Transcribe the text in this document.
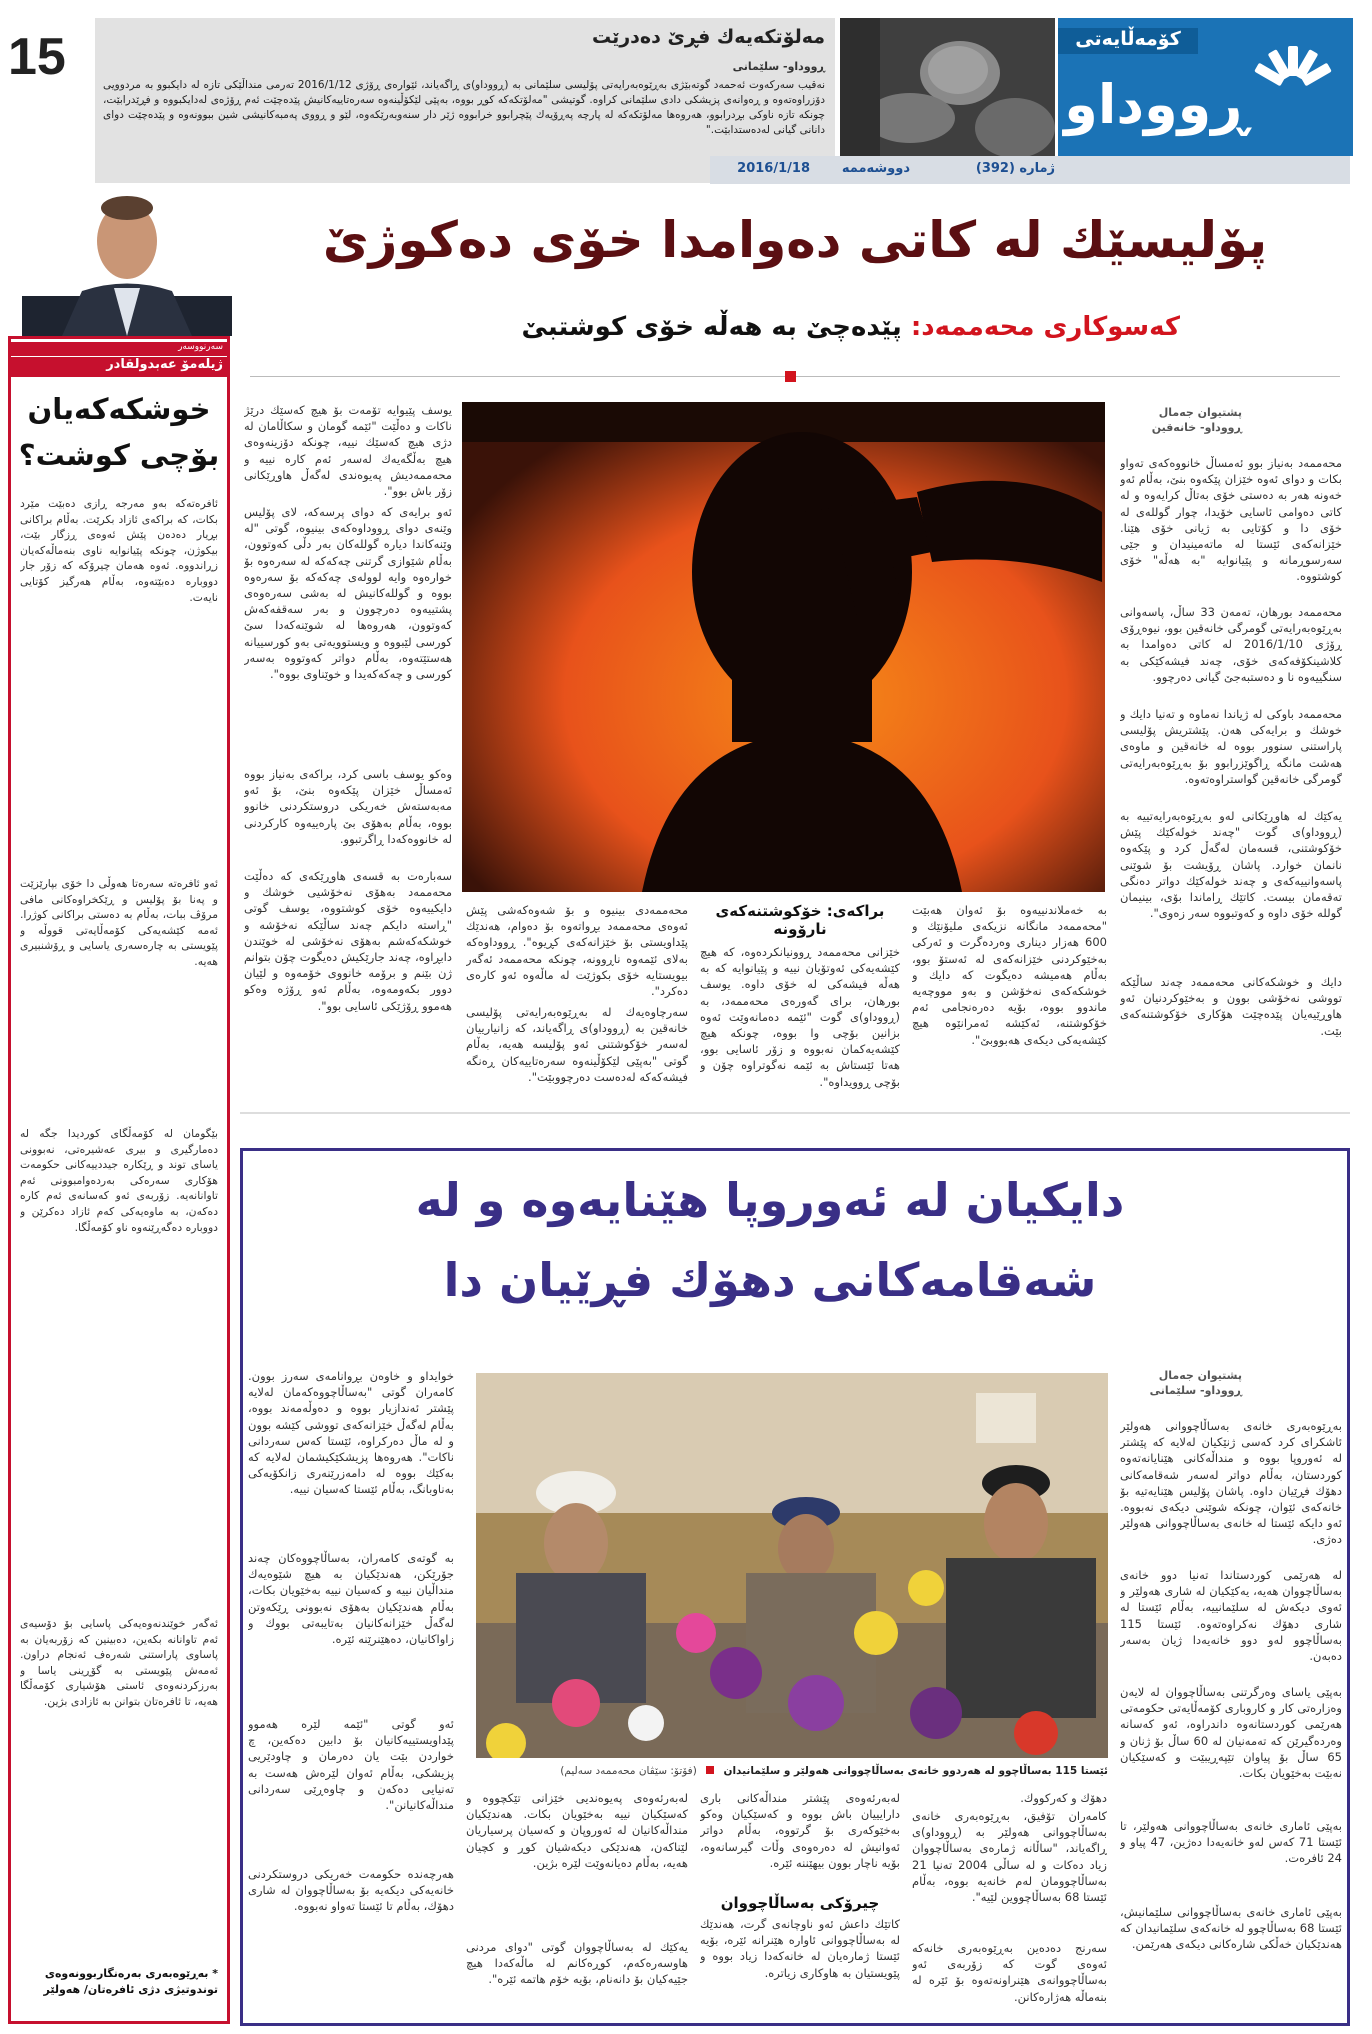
15	مەلۆتكەیەك فڕێ دەدرێت
ڕووداو- سلێمانی
نەقیب سەركەوت ئەحمەد گوتەبێژی بەڕێوەبەرایەتی پۆلیسی سلێمانی بە (ڕووداو)ی ڕاگەیاند، ئێوارەی ڕۆژی 2016/1/12 تەرمی منداڵێكی تازە لە دایكبوو بە مردوویی دۆزراوەتەوە و ڕەوانەی پزیشكی دادی سلێمانی كراوە. گوتیشی "مەلۆتكەكە كوڕ بووە، بەپێی لێكۆڵینەوە سەرەتاییەكانیش پێدەچێت ئەم ڕۆژەی لەدایكبووە و فڕێدرابێت، چونكە تازە ناوكی بڕدرابوو، هەروەها مەلۆتكەكە لە پارچە پەڕۆیەك پێچرابوو خرابووە ژێر دار سنەوبەرێكەوە، لێو و ڕووی پەمبەكانیشی شین ببوونەوە و پێدەچێت دوای دانانی گیانی لەدەستدابێت."
ژمارە (392)
دووشەممە
2016/1/18
كۆمەڵایەتی
ڕووداو
سەرنووسەر
ژیلەمۆ عەبدولقادر
خوشكەكەیان بۆچی كوشت؟
ئافرەتەكە بەو مەرجە ڕازی دەبێت مێرد بكات، كە براكەی ئازاد بكرێت. بەڵام براكانی بڕیار دەدەن پێش ئەوەی ڕزگار بێت، بیكوژن، چونكە پێیانوایە ناوی بنەماڵەكەیان زڕاندووە. ئەوە هەمان چیرۆكە كە زۆر جار دووبارە دەبێتەوە، بەڵام هەرگیز كۆتایی نایەت.
ئەو ئافرەتە سەرەتا هەوڵی دا خۆی بپارێزێت و پەنا بۆ پۆلیس و ڕێكخراوەكانی مافی مرۆڤ ببات، بەڵام بە دەستی براكانی كوژرا. ئەمە كێشەیەكی كۆمەڵایەتی قووڵە و پێویستی بە چارەسەری یاسایی و ڕۆشنبیری هەیە.
بێگومان لە كۆمەڵگای كوردیدا جگە لە دەمارگیری و بیری عەشیرەتی، نەبوونی یاسای توند و ڕێكارە جیددییەكانی حكومەت هۆكاری سەرەكی بەردەوامبوونی ئەم تاوانانەیە. زۆربەی ئەو كەسانەی ئەم كارە دەكەن، بە ماوەیەكی كەم ئازاد دەكرێن و دووبارە دەگەڕێنەوە ناو كۆمەڵگا.
ئەگەر خوێندنەوەیەكی پاسایی بۆ دۆسیەی ئەم تاوانانە بكەین، دەبینین كە زۆربەیان بە پاساوی پاراستنی شەرەف ئەنجام دراون. ئەمەش پێویستی بە گۆڕینی یاسا و بەرزكردنەوەی ئاستی هۆشیاری كۆمەڵگا هەیە، تا ئافرەتان بتوانن بە ئازادی بژین.
* بەڕێوەبەری بەرەنگاربوونەوەی توندوتیژی دژی ئافرەتان/ هەولێر
پۆلیسێك لە كاتی دەوامدا خۆی دەكوژێ
كەسوكاری محەممەد: پێدەچێ بە هەڵە خۆی كوشتبێ
پشتیوان جەمال
ڕووداو- خانەقین
محەممەد بەنیاز بوو ئەمساڵ خانووەكەی تەواو بكات و دوای ئەوە خێزان پێكەوە بنێ، بەڵام ئەو خەونە هەر بە دەستی خۆی بەتاڵ كرایەوە و لە كاتی دەوامی ئاسایی خۆیدا، چوار گوللەی لە خۆی دا و كۆتایی بە ژیانی خۆی هێنا. خێزانەكەی ئێستا لە ماتەمینیدان و جێی سەرسوڕمانە و پێیانوایە "بە هەڵە" خۆی كوشتووە.
محەممەد بورهان، تەمەن 33 ساڵ، پاسەوانی بەڕێوەبەرایەتی گومرگی خانەقین بوو، نیوەڕۆی ڕۆژی 2016/1/10 لە كاتی دەوامدا بە كلاشینكۆفەكەی خۆی، چەند فیشەكێكی بە سنگییەوە نا و دەستبەجێ گیانی دەرچوو.
محەممەد باوكی لە ژیاندا نەماوە و تەنیا دایك و خوشك و برایەكی هەن. پێشتریش پۆلیسی پاراستنی سنوور بووە لە خانەقین و ماوەی هەشت مانگە ڕاگوێزرابوو بۆ بەڕێوەبەرایەتی گومرگی خانەقین گواستراوەتەوە.
یەكێك لە هاوڕێكانی لەو بەڕێوەبەرایەتییە بە (ڕووداو)ی گوت "چەند خولەكێك پێش خۆكوشتنی، قسەمان لەگەڵ كرد و پێكەوە نانمان خوارد. پاشان ڕۆیشت بۆ شوێنی پاسەوانییەكەی و چەند خولەكێك دواتر دەنگی تەقەمان بیست. كاتێك ڕاماندا بۆی، بینیمان گوللە خۆی داوە و كەوتبووە سەر زەوی".
دایك و خوشكەكانی محەممەد چەند ساڵێكە تووشی نەخۆشی بوون و بەخێوكردنیان ئەو هاوڕێیەیان پێدەچێت هۆكاری خۆكوشتنەكەی بێت.
بە خەملاندنییەوە بۆ ئەوان هەبێت "محەممەد مانگانە نزیكەی ملیۆنێك و 600 هەزار دیناری وەردەگرت و ئەركی بەخێوكردنی خێزانەكەی لە ئەستۆ بوو، بەڵام هەمیشە دەیگوت كە دایك و خوشكەكەی نەخۆشن و بەو مووچەیە ماندوو بووە، بۆیە دەرەنجامی ئەم خۆكوشتنە، ئەكێشە ئەمرانێوە هیچ كێشەیەكی دیكەی هەبووبێ".
براكەی: خۆكوشتنەكەی نارۆونە
خێزانی محەممەد ڕوونیانكردەوە، كە هیچ كێشەیەكی ئەوتۆیان نییە و پێیانوایە كە بە هەڵە فیشەكی لە خۆی داوە. یوسف بورهان، برای گەورەی محەممەد، بە (ڕووداو)ی گوت "ئێمە دەمانەوێت ئەوە بزانین بۆچی وا بووە، چونكە هیچ كێشەیەكمان نەبووە و زۆر ئاسایی بوو، هەتا ئێستاش بە ئێمە نەگوتراوە چۆن و بۆچی ڕوویداوە".
محەممەدی بینیوە و بۆ شەوەكەشی پێش ئەوەی محەممەد بڕواتەوە بۆ دەوام، هەندێك پێداویستی بۆ خێزانەكەی كڕیوە". ڕووداوەكە بەلای ئێمەوە ناڕوونە، چونكە محەممەد ئەگەر بیویستایە خۆی بكوژێت لە ماڵەوە ئەو كارەی دەكرد".
سەرچاوەیەك لە بەڕێوەبەرایەتی پۆلیسی خانەقین بە (ڕووداو)ی ڕاگەیاند، كە زانیارییان لەسەر خۆكوشتنی ئەو پۆلیسە هەیە، بەڵام گوتی "بەپێی لێكۆڵینەوە سەرەتاییەكان ڕەنگە فیشەكەكە لەدەست دەرچووبێت".
یوسف پێیوایە تۆمەت بۆ هیچ كەسێك درێژ ناكات و دەڵێت "ئێمە گومان و سكاڵامان لە دژی هیچ كەسێك نییە، چونكە دۆزینەوەی هیچ بەڵگەیەك لەسەر ئەم كارە نییە و محەممەدیش پەیوەندی لەگەڵ هاوڕێكانی زۆر باش بوو".
ئەو برایەی كە دوای پرسەكە، لای پۆلیس وێنەی دوای ڕووداوەكەی بینیوە، گوتی "لە وێنەكاندا دیارە گوللەكان بەر دڵی كەوتوون، بەڵام شێوازی گرتنی چەكەكە لە سەرەوە بۆ خوارەوە وایە لوولەی چەكەكە بۆ سەرەوە بووە و گوللەكانیش لە بەشی سەرەوەی پشتییەوە دەرچوون و بەر سەقفەكەش كەوتوون، هەروەها لە شوێنەكەدا سێ كورسی لێبووە و ویستوویەتی بەو كورسییانە هەستێتەوە، بەڵام دواتر كەوتووە بەسەر كورسی و چەكەكەیدا و خوێناوی بووە".
وەكو یوسف باسی كرد، براكەی بەنیاز بووە ئەمساڵ خێزان پێكەوە بنێ، بۆ ئەو مەبەستەش خەریكی دروستكردنی خانوو بووە، بەڵام بەهۆی بێ پارەییەوە كاركردنی لە خانووەكەدا ڕاگرتبوو.
سەبارەت بە قسەی هاوڕێكەی كە دەڵێت محەممەد بەهۆی نەخۆشیی خوشك و دایكییەوە خۆی كوشتووە، یوسف گوتی "ڕاستە دایكم چەند ساڵێكە نەخۆشە و خوشكەكەشم بەهۆی نەخۆشی لە خوێندن دابڕاوە، چەند جارێكیش دەیگوت چۆن بتوانم ژن بێنم و برۆمە خانووی خۆمەوە و لێیان دوور بكەومەوە، بەڵام ئەو ڕۆژە وەكو هەموو ڕۆژێكی ئاسایی بوو".
دایكیان لە ئەوروپا هێنایەوە و لە شەقامەكانی دهۆك فڕێیان دا
پشتیوان جەمال
ڕووداو- سلێمانی
ئێستا 115 بەساڵاچوو لە هەردوو خانەی بەساڵاچووانی هەولێر و سلێمانیدان  (فۆتۆ: سێڤان محەممەد سەلیم)
بەڕێوەبەری خانەی بەساڵاچووانی هەولێر ئاشكرای كرد كەسی ژنێكیان لەلایە كە پێشتر لە ئەوروپا بووە و منداڵەكانی هێنایانەتەوە كوردستان، بەڵام دواتر لەسەر شەقامەكانی دهۆك فڕێیان داوە. پاشان پۆلیس هێنایەتیە بۆ خانەكەی ئێوان، چونكە شوێنی دیكەی نەبووە. ئەو دایكە ئێستا لە خانەی بەساڵاچووانی هەولێر دەژی.
لە هەرێمی كوردستاندا تەنیا دوو خانەی بەساڵاچووان هەیە، یەكێكیان لە شاری هەولێر و ئەوی دیكەش لە سلێمانییە، بەڵام ئێستا لە شاری دهۆك نەكراوەتەوە. ئێستا 115 بەساڵاچوو لەو دوو خانەیەدا ژیان بەسەر دەبەن.
بەپێی یاسای وەرگرتنی بەساڵاچووان لە لایەن وەزارەتی كار و كاروباری كۆمەڵایەتی حكومەتی هەرێمی كوردستانەوە داندراوە، ئەو كەسانە وەردەگیرێن كە تەمەنیان لە 60 ساڵ بۆ ژنان و 65 ساڵ بۆ پیاوان تێپەڕیبێت و كەسێكیان نەبێت بەخێویان بكات.
بەپێی ئاماری خانەی بەساڵاچووانی هەولێر، تا ئێستا 71 كەس لەو خانەیەدا دەژین، 47 پیاو و 24 ئافرەت.
بەپێی ئاماری خانەی بەساڵاچووانی سلێمانیش، ئێستا 68 بەساڵاچوو لە خانەكەی سلێمانیدان كە هەندێكیان خەڵكی شارەكانی دیكەی هەرێمن.
دهۆك و كەركووك.
كامەران تۆفیق، بەڕێوەبەری خانەی بەساڵاچووانی هەولێر بە (ڕووداو)ی ڕاگەیاند، "ساڵانە ژمارەی بەساڵاچووان زیاد دەكات و لە ساڵی 2004 تەنیا 21 بەساڵاچوومان لەم خانەیە بووە، بەڵام ئێستا 68 بەساڵاچووین لێیە".
سەرنج دەدەین بەڕێوەبەری خانەكە ئەوەی گوت كە زۆربەی ئەو بەساڵاچووانەی هێنراونەتەوە بۆ ئێرە لە بنەماڵە هەژارەكانن.
لەبەرئەوەی پێشتر منداڵەكانی باری دارایییان باش بووە و كەسێكیان وەكو بەخێوكەری بۆ گرتووە، بەڵام دواتر ئەوانیش لە دەرەوەی وڵات گیرسانەوە، بۆیە ناچار بوون بیهێننە ئێرە.
چیرۆكی بەساڵاچووان
كاتێك داعش ئەو ناوچانەی گرت، هەندێك لە بەساڵاچووانی ئاوارە هێنرانە ئێرە، بۆیە ئێستا ژمارەیان لە خانەكەدا زیاد بووە و پێویستیان بە هاوكاری زیاترە.
لەبەرئەوەی پەیوەندیی خێزانی تێكچووە و كەسێكیان نییە بەخێویان بكات. هەندێكیان منداڵەكانیان لە ئەوروپان و كەسیان پرسیاریان لێناكەن، هەندێكی دیكەشیان كوڕ و كچیان هەیە، بەڵام دەیانەوێت لێرە بژین.
یەكێك لە بەساڵاچووان گوتی "دوای مردنی هاوسەرەكەم، كوڕەكانم لە ماڵەكەدا هیچ جێیەكیان بۆ دانەنام، بۆیە خۆم هاتمە ئێرە".
خوایداو و خاوەن بڕوانامەی سەرز بوون. كامەران گوتی "بەساڵاچووەكەمان لەلایە پێشتر ئەندازیار بووە و دەوڵەمەند بووە، بەڵام لەگەڵ خێزانەكەی تووشی كێشە بوون و لە ماڵ دەركراوە، ئێستا كەس سەردانی ناكات". هەروەها پزیشكێكیشمان لەلایە كە بەكێك بووە لە دامەزرێنەری زانكۆیەكی بەناوبانگ، بەڵام ئێستا كەسیان نییە.
بە گوتەی كامەران، بەساڵاچووەكان چەند جۆرێكن، هەندێكیان بە هیچ شێوەیەك منداڵیان نییە و كەسیان نییە بەخێویان بكات، بەڵام هەندێكیان بەهۆی نەبوونی ڕێكەوتن لەگەڵ خێزانەكانیان بەتایبەتی بووك و زاواكانیان، دەهێنرێنە ئێرە.
ئەو گوتی "ئێمە لێرە هەموو پێداویستییەكانیان بۆ دابین دەكەین، چ خواردن بێت یان دەرمان و چاودێریی پزیشكی، بەڵام ئەوان لێرەش هەست بە تەنیایی دەكەن و چاوەڕێی سەردانی منداڵەكانیانن".
هەرچەندە حكومەت خەریكی دروستكردنی خانەیەكی دیكەیە بۆ بەساڵاچووان لە شاری دهۆك، بەڵام تا ئێستا تەواو نەبووە.
